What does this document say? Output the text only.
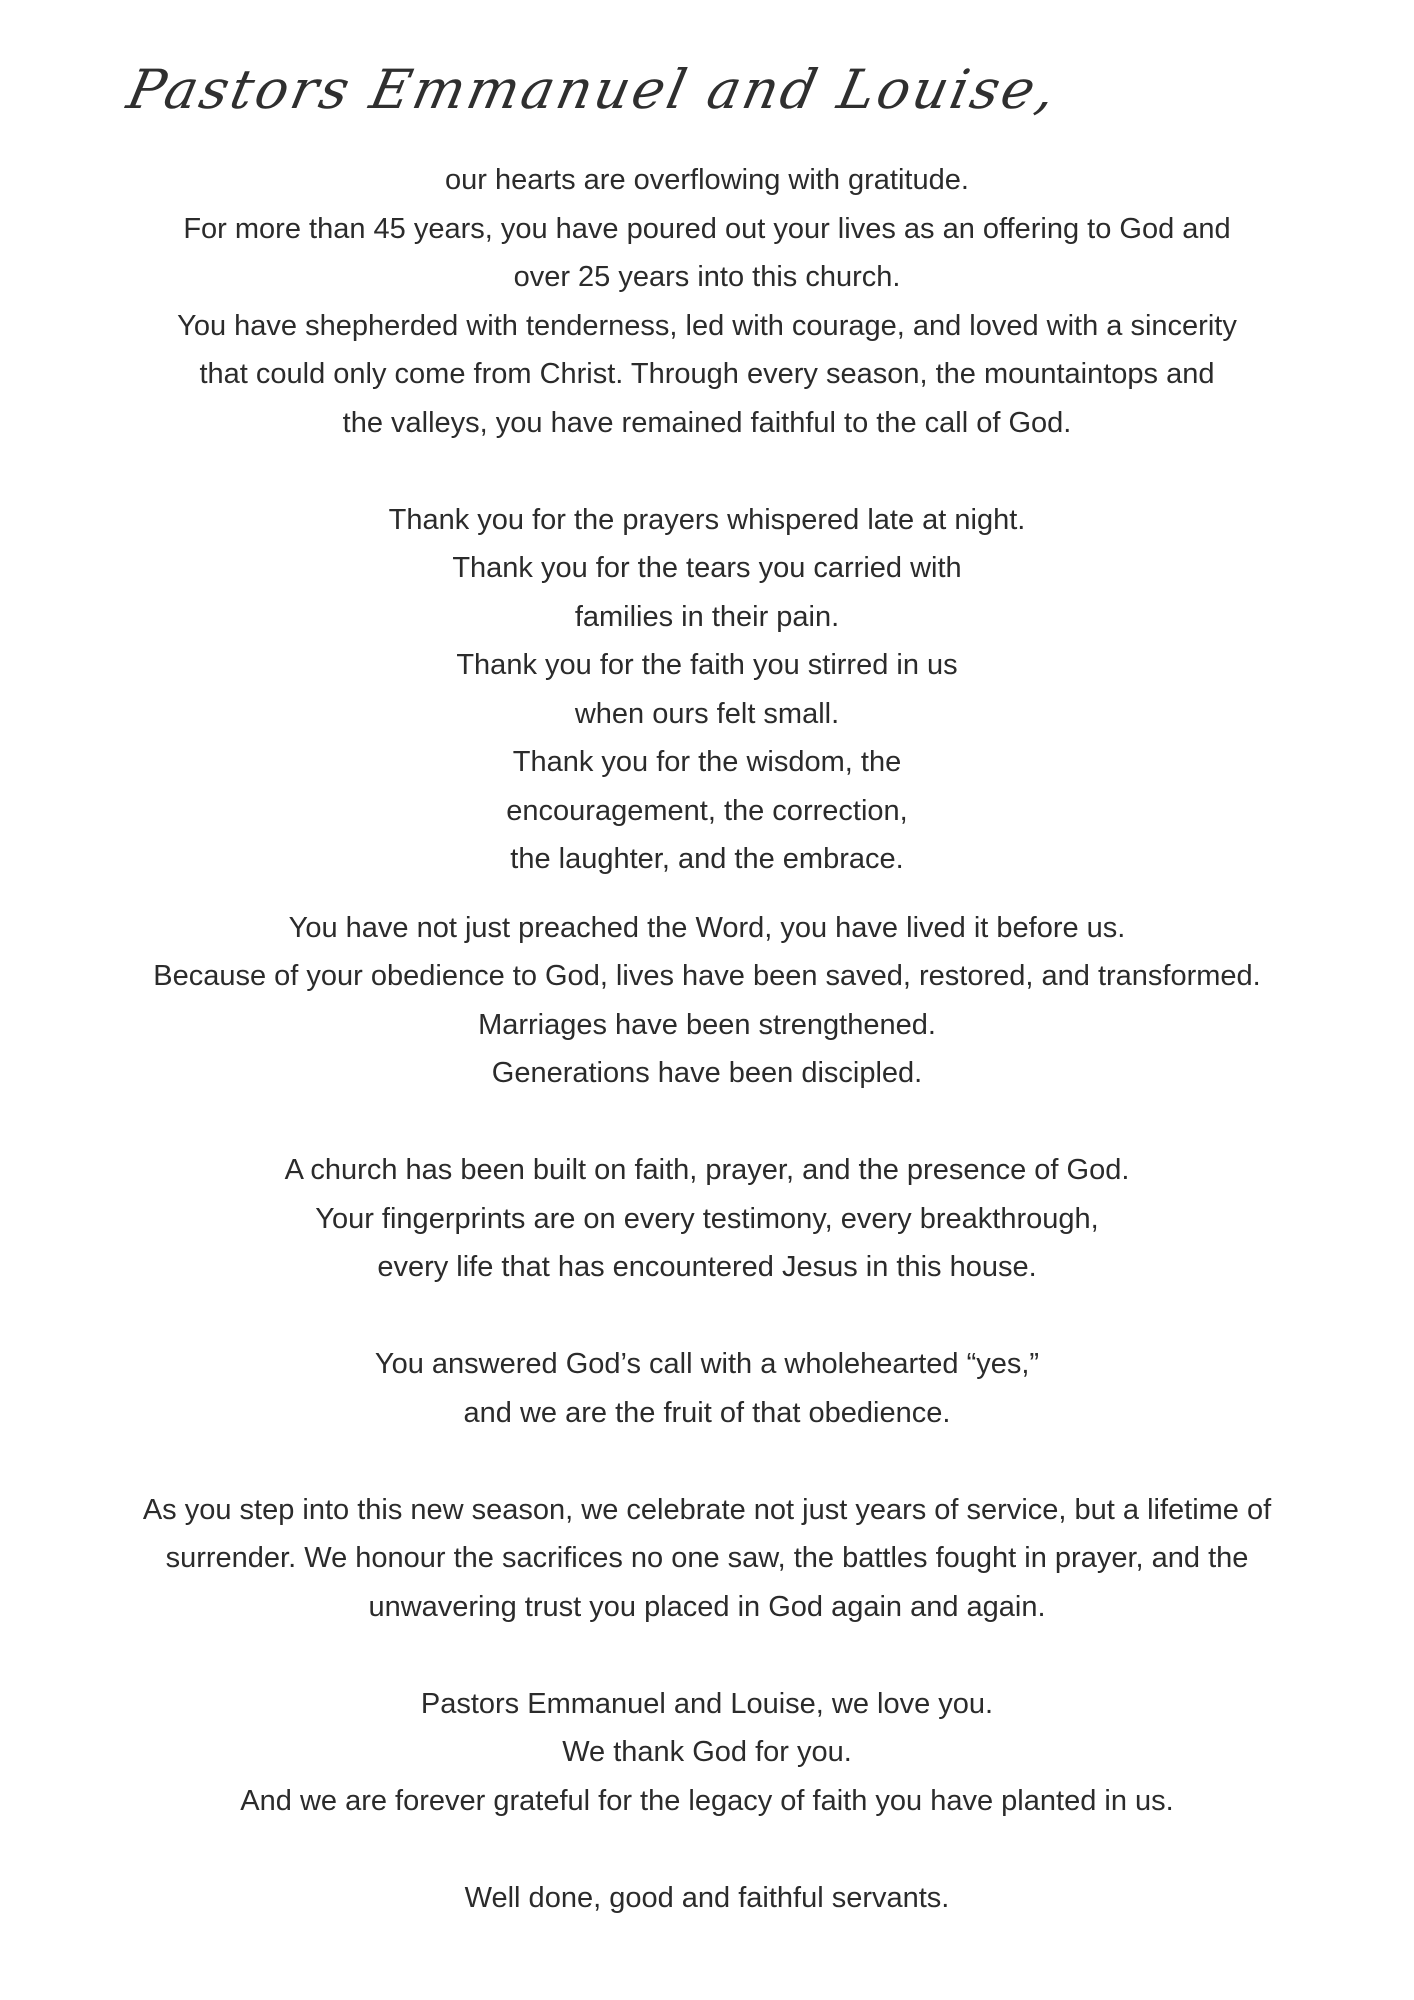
Pastors Emmanuel and Louise,
our hearts are overflowing with gratitude.
For more than 45 years, you have poured out your lives as an offering to God and
over 25 years into this church.
You have shepherded with tenderness, led with courage, and loved with a sincerity
that could only come from Christ. Through every season, the mountaintops and
the valleys, you have remained faithful to the call of God.
Thank you for the prayers whispered late at night.
Thank you for the tears you carried with
families in their pain.
Thank you for the faith you stirred in us
when ours felt small.
Thank you for the wisdom, the
encouragement, the correction,
the laughter, and the embrace.
You have not just preached the Word, you have lived it before us.
Because of your obedience to God, lives have been saved, restored, and transformed.
Marriages have been strengthened.
Generations have been discipled.
A church has been built on faith, prayer, and the presence of God.
Your fingerprints are on every testimony, every breakthrough,
every life that has encountered Jesus in this house.
You answered God’s call with a wholehearted “yes,”
and we are the fruit of that obedience.
As you step into this new season, we celebrate not just years of service, but a lifetime of
surrender. We honour the sacrifices no one saw, the battles fought in prayer, and the
unwavering trust you placed in God again and again.
Pastors Emmanuel and Louise, we love you.
We thank God for you.
And we are forever grateful for the legacy of faith you have planted in us.
Well done, good and faithful servants.
